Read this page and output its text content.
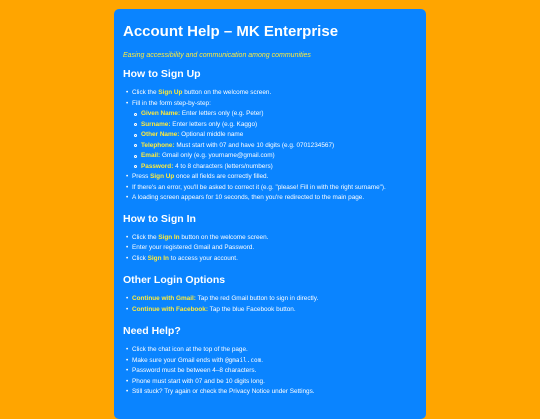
Account Help – MK Enterprise

Easing accessibility and communication among communities

How to Sign Up
• Click the Sign Up button on the welcome screen.
• Fill in the form step-by-step:
Given Name: Enter letters only (e.g. Peter)
Surname: Enter letters only (e.g. Kaggo)
Other Name: Optional middle name
Telephone: Must start with 07 and have 10 digits (e.g. 0701234567)
Email: Gmail only (e.g. yourname@gmail.com)
Password: 4 to 8 characters (letters/numbers)
• Press Sign Up once all fields are correctly filled.
• If there's an error, you'll be asked to correct it (e.g. "please! Fill in with the right surname").
• A loading screen appears for 10 seconds, then you're redirected to the main page.
How to Sign In
• Click the Sign In button on the welcome screen.
• Enter your registered Gmail and Password.
• Click Sign In to access your account.
Other Login Options
• Continue with Gmail: Tap the red Gmail button to sign in directly.
• Continue with Facebook: Tap the blue Facebook button.
Need Help?
• Click the chat icon at the top of the page.
• Make sure your Gmail ends with @gmail.com.
• Password must be between 4–8 characters.
• Phone must start with 07 and be 10 digits long.
• Still stuck? Try again or check the Privacy Notice under Settings.
